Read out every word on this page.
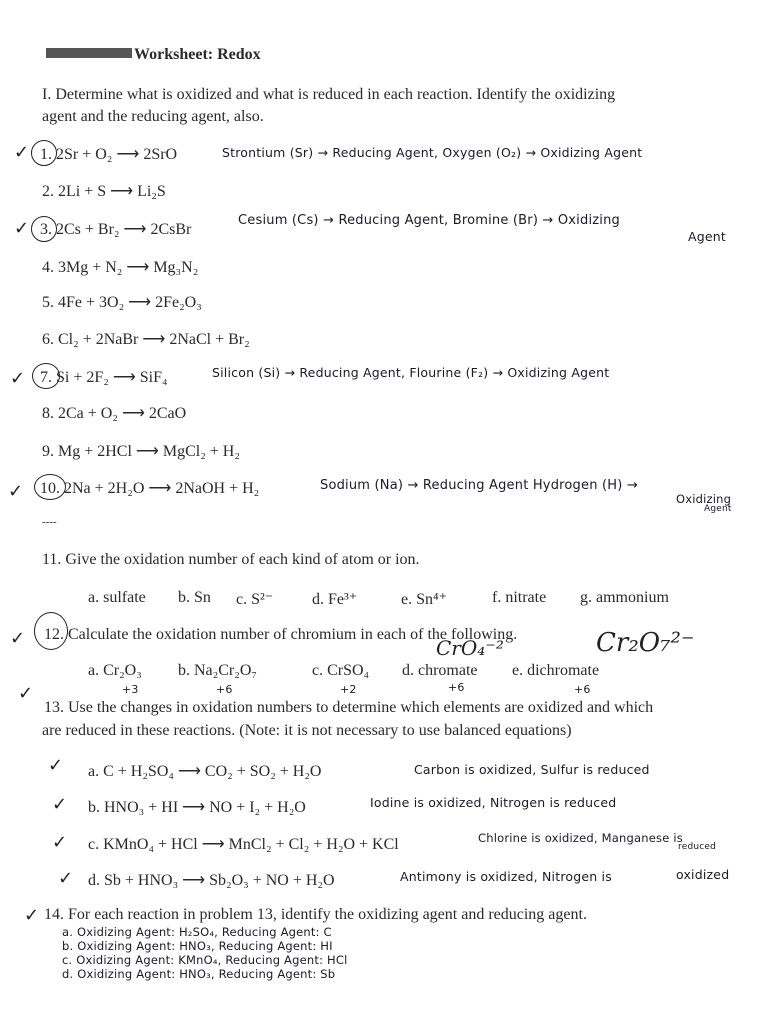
Worksheet: Redox
I. Determine what is oxidized and what is reduced in each reaction. Identify the oxidizing
agent and the reducing agent, also.
✓ 1. 2Sr + O₂ ⟶ 2SrO	Strontium (Sr) → Reducing Agent, Oxygen (O₂) → Oxidizing Agent
2. 2Li + S ⟶ Li₂S
✓ 3. 2Cs + Br₂ ⟶ 2CsBr
Cesium (Cs) → Reducing Agent, Bromine (Br) → Oxidizing
Agent
4. 3Mg + N₂ ⟶ Mg₃N₂
5. 4Fe + 3O₂ ⟶ 2Fe₂O₃
6. Cl₂ + 2NaBr ⟶ 2NaCl + Br₂
✓ 7. Si + 2F₂ ⟶ SiF₄	Silicon (Si) → Reducing Agent, Flourine (F₂) → Oxidizing Agent
8. 2Ca + O₂ ⟶ 2CaO
9. Mg + 2HCl ⟶ MgCl₂ + H₂
✓ 10. 2Na + 2H₂O ⟶ 2NaOH + H₂	Sodium (Na) → Reducing Agent Hydrogen (H) →
Oxidizing
Agent
----
11. Give the oxidation number of each kind of atom or ion.
a. sulfate b. Sn c. S²⁻ d. Fe³⁺	e. Sn⁴⁺	f. nitrate g. ammonium
✓ 12. Calculate the oxidation number of chromium in each of the following.
CrO₄⁻²	Cr₂O₇²⁻
a. Cr₂O₃ b. Na₂Cr₂O₇	c. CrSO₄ d. chromate e. dichromate
+3	+6	+2	+6	+6
✓
13. Use the changes in oxidation numbers to determine which elements are oxidized and which
are reduced in these reactions. (Note: it is not necessary to use balanced equations)
✓ a. C + H₂SO₄ ⟶ CO₂ + SO₂ + H₂O	Carbon is oxidized, Sulfur is reduced
✓ b. HNO₃ + HI ⟶ NO + I₂ + H₂O	Iodine is oxidized, Nitrogen is reduced
✓ c. KMnO₄ + HCl ⟶ MnCl₂ + Cl₂ + H₂O + KCl	Chlorine is oxidized, Manganese is
reduced
✓ d. Sb + HNO₃ ⟶ Sb₂O₃ + NO + H₂O	Antimony is oxidized, Nitrogen is	oxidized
✓ 14. For each reaction in problem 13, identify the oxidizing agent and reducing agent.
a. Oxidizing Agent: H₂SO₄, Reducing Agent: C
b. Oxidizing Agent: HNO₃, Reducing Agent: HI
c. Oxidizing Agent: KMnO₄, Reducing Agent: HCl
d. Oxidizing Agent: HNO₃, Reducing Agent: Sb
